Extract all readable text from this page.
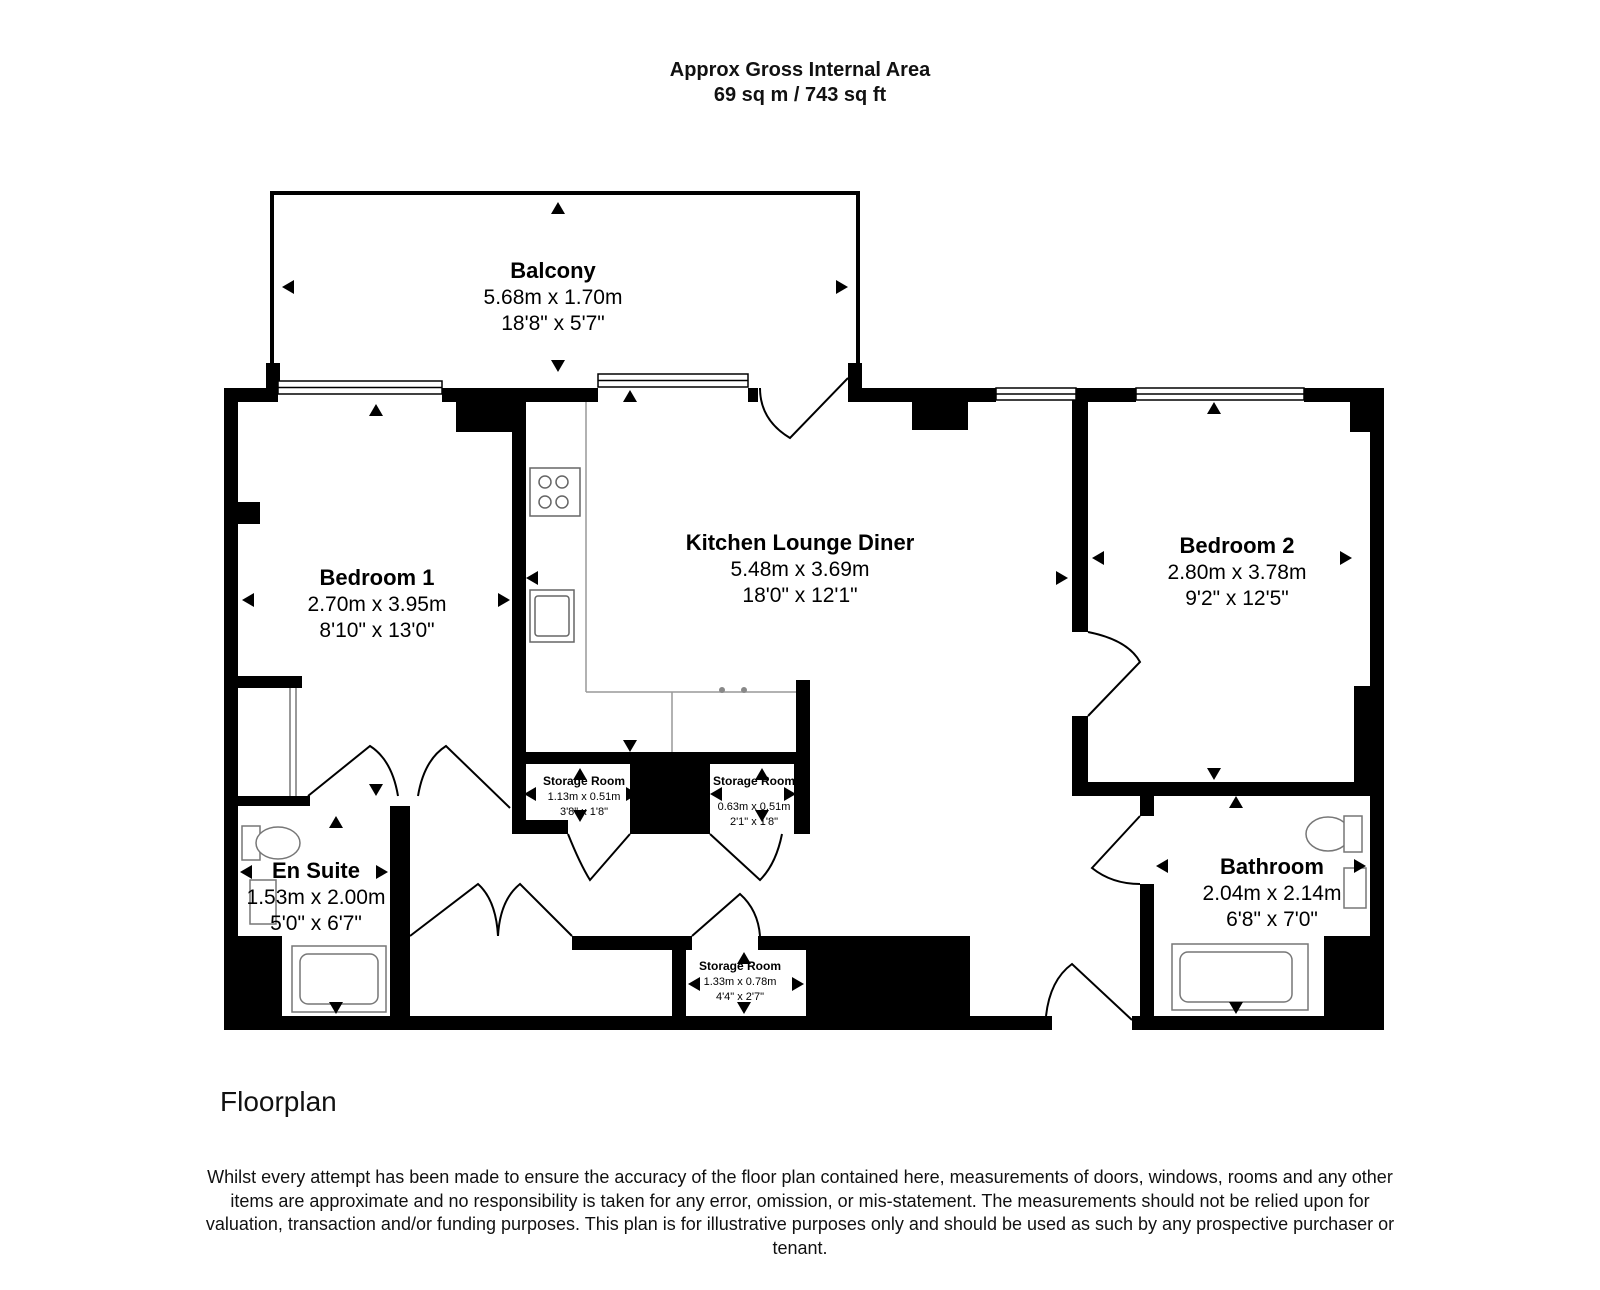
Approx Gross Internal Area
69 sq m / 743 sq ft
Balcony
5.68m x 1.70m
18'8" x 5'7"
Bedroom 1
2.70m x 3.95m
8'10" x 13'0"
Kitchen Lounge Diner
5.48m x 3.69m
18'0" x 12'1"
Bedroom 2
2.80m x 3.78m
9'2" x 12'5"
En Suite
1.53m x 2.00m
5'0" x 6'7"
Bathroom
2.04m x 2.14m
6'8" x 7'0"
Storage Room
1.13m x 0.51m
3'8" x 1'8"
Storage Room
0.63m x 0.51m
2'1" x 1'8"
Storage Room
1.33m x 0.78m
4'4" x 2'7"
Floorplan
Whilst every attempt has been made to ensure the accuracy of the floor plan contained here, measurements of doors, windows, rooms and any other items are approximate and no responsibility is taken for any error, omission, or mis-statement. The measurements should not be relied upon for valuation, transaction and/or funding purposes. This plan is for illustrative purposes only and should be used as such by any prospective purchaser or tenant.
